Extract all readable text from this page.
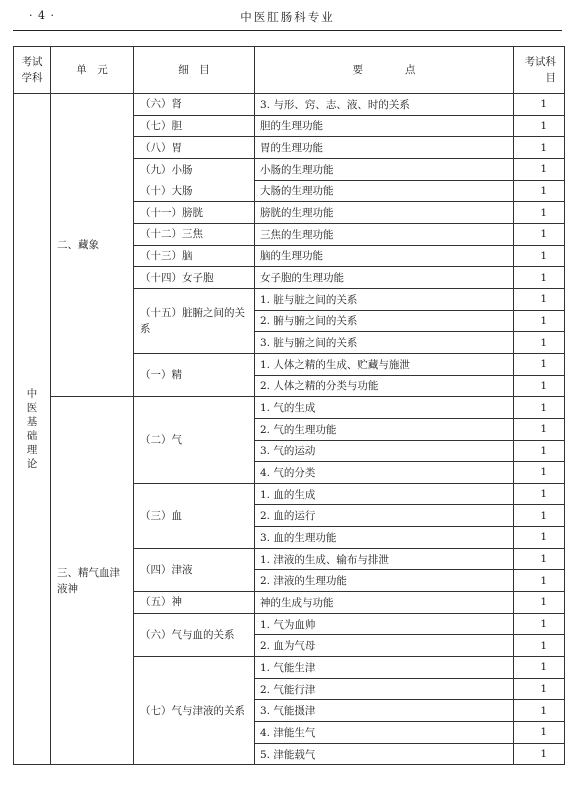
· 4 ·	中医肛肠科专业
考试学科	单　元	细　目	要　　　　点	考试科目
中医基础理论	二、藏象	（六）肾	3. 与形、窍、志、液、时的关系	1
		（七）胆	胆的生理功能	1
		（八）胃	胃的生理功能	1
		（九）小肠	小肠的生理功能	1
		（十）大肠	大肠的生理功能	1
		（十一）膀胱	膀胱的生理功能	1
		（十二）三焦	三焦的生理功能	1
		（十三）脑	脑的生理功能	1
		（十四）女子胞	女子胞的生理功能	1
		（十五）脏腑之间的关系	1. 脏与脏之间的关系	1
			2. 腑与腑之间的关系	1
			3. 脏与腑之间的关系	1
		（一）精	1. 人体之精的生成、贮藏与施泄	1
			2. 人体之精的分类与功能	1
	三、精气血津液神	（二）气	1. 气的生成	1
			2. 气的生理功能	1
			3. 气的运动	1
			4. 气的分类	1
		（三）血	1. 血的生成	1
			2. 血的运行	1
			3. 血的生理功能	1
		（四）津液	1. 津液的生成、输布与排泄	1
			2. 津液的生理功能	1
		（五）神	神的生成与功能	1
		（六）气与血的关系	1. 气为血帅	1
			2. 血为气母	1
		（七）气与津液的关系	1. 气能生津	1
			2. 气能行津	1
			3. 气能摄津	1
			4. 津能生气	1
			5. 津能载气	1
